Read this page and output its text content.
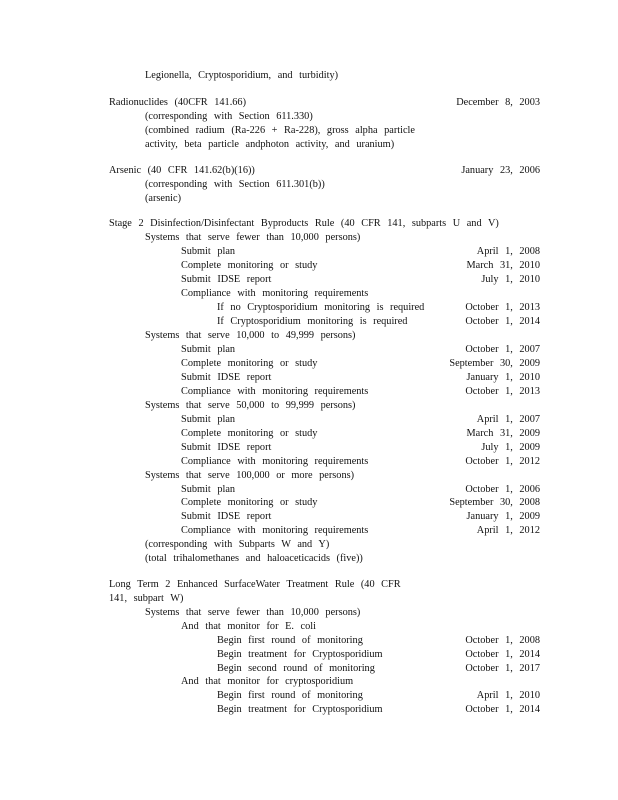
Legionella, Cryptosporidium, and turbidity)
Radionuclides (40CFR 141.66)
(corresponding with Section 611.330)
(combined radium (Ra-226 + Ra-228), gross alpha particle
activity, beta particle andphoton activity, and uranium)
Arsenic (40 CFR 141.62(b)(16))
(corresponding with Section 611.301(b))
(arsenic)
Stage 2 Disinfection/Disinfectant Byproducts Rule (40 CFR 141, subparts U and V)
Systems that serve fewer than 10,000 persons)
Submit plan
Complete monitoring or study
Submit IDSE report
Compliance with monitoring requirements
If no Cryptosporidium monitoring is required
If Cryptosporidium monitoring is required
Systems that serve 10,000 to 49,999 persons)
Submit plan
Complete monitoring or study
Submit IDSE report
Compliance with monitoring requirements
Systems that serve 50,000 to 99,999 persons)
Submit plan
Complete monitoring or study
Submit IDSE report
Compliance with monitoring requirements
Systems that serve 100,000 or more persons)
Submit plan
Complete monitoring or study
Submit IDSE report
Compliance with monitoring requirements
(corresponding with Subparts W and Y)
(total trihalomethanes and haloaceticacids (five))
Long Term 2 Enhanced SurfaceWater Treatment Rule (40 CFR
141, subpart W)
Systems that serve fewer than 10,000 persons)
And that monitor for E. coli
Begin first round of monitoring
Begin treatment for Cryptosporidium
Begin second round of monitoring
And that monitor for cryptosporidium
Begin first round of monitoring
Begin treatment for Cryptosporidium
December 8, 2003
January 23, 2006
April 1, 2008
March 31, 2010
July 1, 2010
October 1, 2013
October 1, 2014
October 1, 2007
September 30, 2009
January 1, 2010
October 1, 2013
April 1, 2007
March 31, 2009
July 1, 2009
October 1, 2012
October 1, 2006
September 30, 2008
January 1, 2009
April 1, 2012
October 1, 2008
October 1, 2014
October 1, 2017
April 1, 2010
October 1, 2014
